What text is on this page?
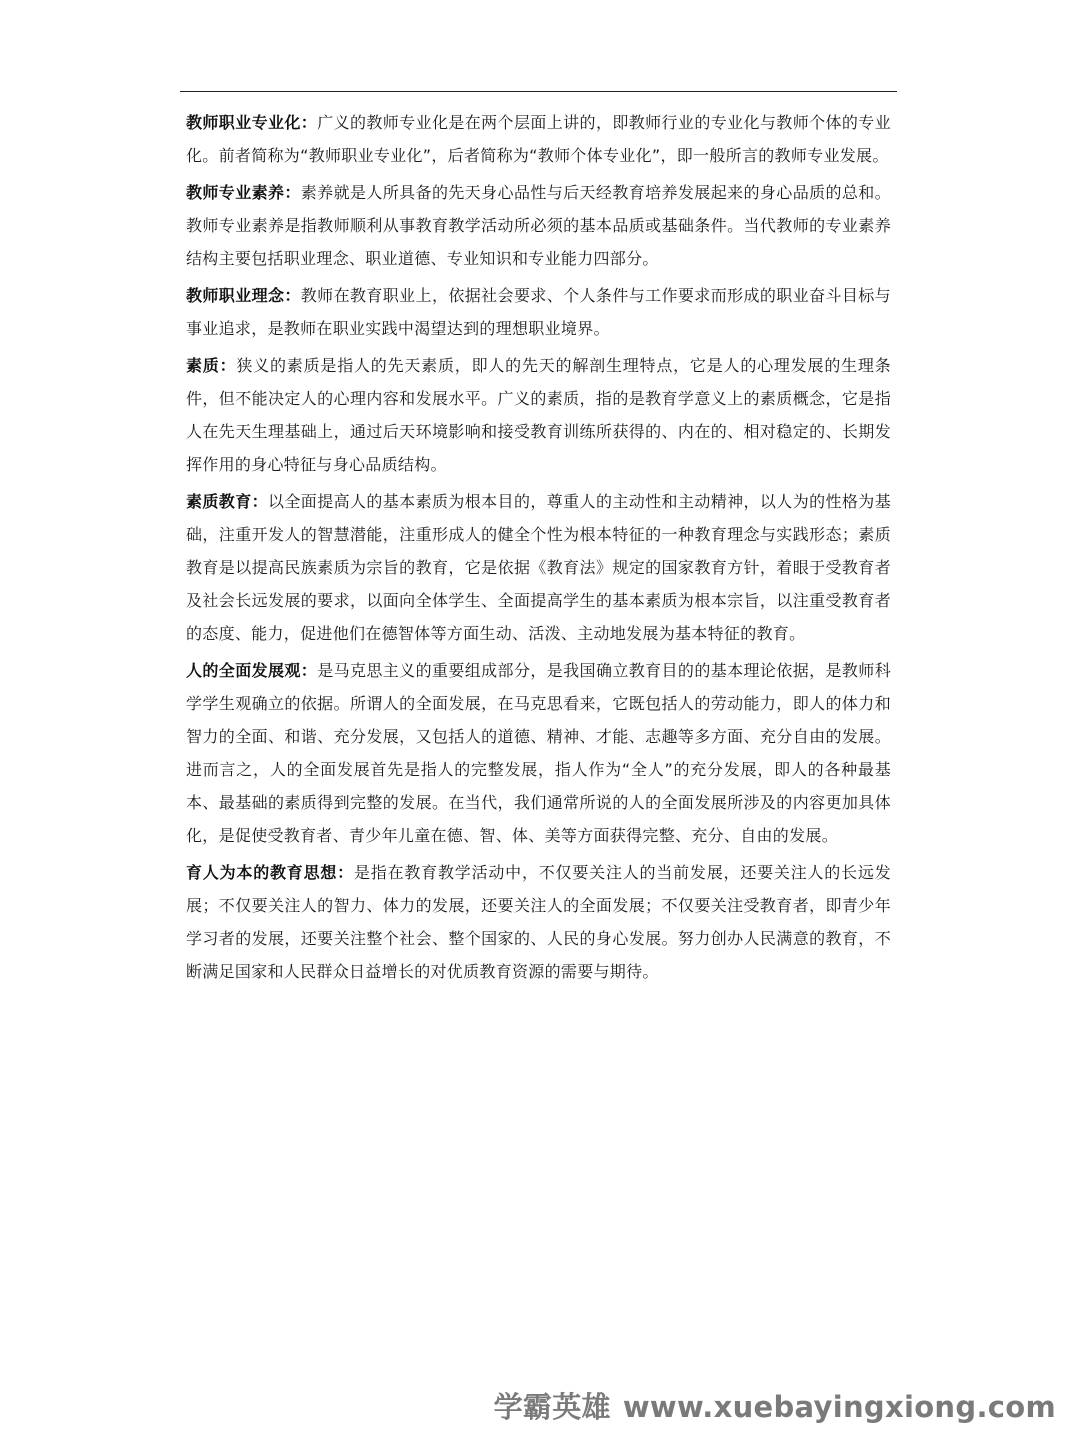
教师职业专业化：广义的教师专业化是在两个层面上讲的，即教师行业的专业化与教师个体的专业化。前者简称为“教师职业专业化”，后者简称为“教师个体专业化”，即一般所言的教师专业发展。

教师专业素养：素养就是人所具备的先天身心品性与后天经教育培养发展起来的身心品质的总和。教师专业素养是指教师顺利从事教育教学活动所必须的基本品质或基础条件。当代教师的专业素养结构主要包括职业理念、职业道德、专业知识和专业能力四部分。

教师职业理念：教师在教育职业上，依据社会要求、个人条件与工作要求而形成的职业奋斗目标与事业追求，是教师在职业实践中渴望达到的理想职业境界。

素质：狭义的素质是指人的先天素质，即人的先天的解剖生理特点，它是人的心理发展的生理条件，但不能决定人的心理内容和发展水平。广义的素质，指的是教育学意义上的素质概念，它是指人在先天生理基础上，通过后天环境影响和接受教育训练所获得的、内在的、相对稳定的、长期发挥作用的身心特征与身心品质结构。

素质教育：以全面提高人的基本素质为根本目的，尊重人的主动性和主动精神，以人为的性格为基础，注重开发人的智慧潜能，注重形成人的健全个性为根本特征的一种教育理念与实践形态；素质教育是以提高民族素质为宗旨的教育，它是依据《教育法》规定的国家教育方针，着眼于受教育者及社会长远发展的要求，以面向全体学生、全面提高学生的基本素质为根本宗旨，以注重受教育者的态度、能力，促进他们在德智体等方面生动、活泼、主动地发展为基本特征的教育。

人的全面发展观：是马克思主义的重要组成部分，是我国确立教育目的的基本理论依据，是教师科学学生观确立的依据。所谓人的全面发展，在马克思看来，它既包括人的劳动能力，即人的体力和智力的全面、和谐、充分发展，又包括人的道德、精神、才能、志趣等多方面、充分自由的发展。进而言之，人的全面发展首先是指人的完整发展，指人作为“全人”的充分发展，即人的各种最基本、最基础的素质得到完整的发展。在当代，我们通常所说的人的全面发展所涉及的内容更加具体化，是促使受教育者、青少年儿童在德、智、体、美等方面获得完整、充分、自由的发展。

育人为本的教育思想：是指在教育教学活动中，不仅要关注人的当前发展，还要关注人的长远发展；不仅要关注人的智力、体力的发展，还要关注人的全面发展；不仅要关注受教育者，即青少年学习者的发展，还要关注整个社会、整个国家的、人民的身心发展。努力创办人民满意的教育，不断满足国家和人民群众日益增长的对优质教育资源的需要与期待。

学霸英雄 www.xuebayingxiong.com
